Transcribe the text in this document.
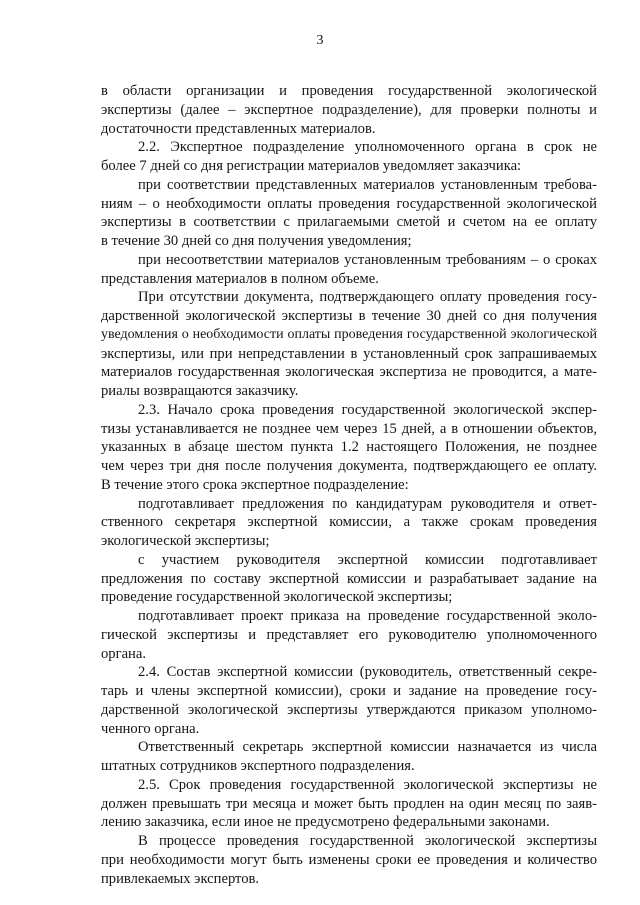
3
в области организации и проведения государственной экологической
экспертизы (далее – экспертное подразделение), для проверки полноты и
достаточности представленных материалов.
2.2. Экспертное подразделение уполномоченного органа в срок не
более 7 дней со дня регистрации материалов уведомляет заказчика:
при соответствии представленных материалов установленным требова-
ниям – о необходимости оплаты проведения государственной экологической
экспертизы в соответствии с прилагаемыми сметой и счетом на ее оплату
в течение 30 дней со дня получения уведомления;
при несоответствии материалов установленным требованиям – о сроках
представления материалов в полном объеме.
При отсутствии документа, подтверждающего оплату проведения госу-
дарственной экологической экспертизы в течение 30 дней со дня получения
уведомления о необходимости оплаты проведения государственной экологической
экспертизы, или при непредставлении в установленный срок запрашиваемых
материалов государственная экологическая экспертиза не проводится, а мате-
риалы возвращаются заказчику.
2.3. Начало срока проведения государственной экологической экспер-
тизы устанавливается не позднее чем через 15 дней, а в отношении объектов,
указанных в абзаце шестом пункта 1.2 настоящего Положения, не позднее
чем через три дня после получения документа, подтверждающего ее оплату.
В течение этого срока экспертное подразделение:
подготавливает предложения по кандидатурам руководителя и ответ-
ственного секретаря экспертной комиссии, а также срокам проведения
экологической экспертизы;
с участием руководителя экспертной комиссии подготавливает
предложения по составу экспертной комиссии и разрабатывает задание на
проведение государственной экологической экспертизы;
подготавливает проект приказа на проведение государственной эколо-
гической экспертизы и представляет его руководителю уполномоченного
органа.
2.4. Состав экспертной комиссии (руководитель, ответственный секре-
тарь и члены экспертной комиссии), сроки и задание на проведение госу-
дарственной экологической экспертизы утверждаются приказом уполномо-
ченного органа.
Ответственный секретарь экспертной комиссии назначается из числа
штатных сотрудников экспертного подразделения.
2.5. Срок проведения государственной экологической экспертизы не
должен превышать три месяца и может быть продлен на один месяц по заяв-
лению заказчика, если иное не предусмотрено федеральными законами.
В процессе проведения государственной экологической экспертизы
при необходимости могут быть изменены сроки ее проведения и количество
привлекаемых экспертов.
